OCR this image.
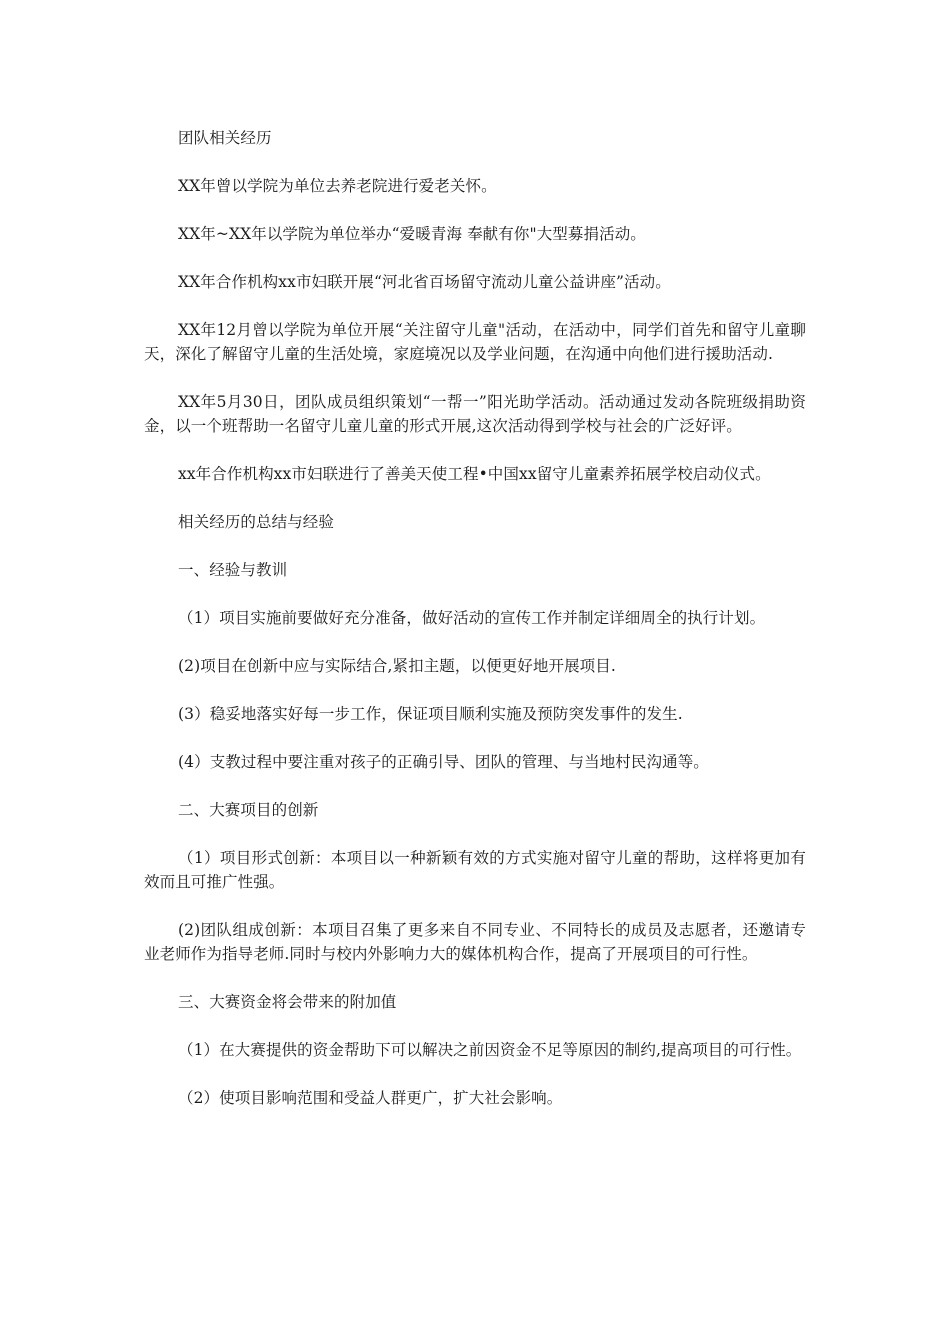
团队相关经历

XX年曾以学院为单位去养老院进行爱老关怀。

XX年~XX年以学院为单位举办“爱暖青海 奉献有你"大型募捐活动。

XX年合作机构xx市妇联开展“河北省百场留守流动儿童公益讲座”活动。

XX年12月曾以学院为单位开展“关注留守儿童"活动，在活动中，同学们首先和留守儿童聊天，深化了解留守儿童的生活处境，家庭境况以及学业问题，在沟通中向他们进行援助活动.

XX年5月30日，团队成员组织策划“一帮一”阳光助学活动。活动通过发动各院班级捐助资金，以一个班帮助一名留守儿童儿童的形式开展,这次活动得到学校与社会的广泛好评。

xx年合作机构xx市妇联进行了善美天使工程•中国xx留守儿童素养拓展学校启动仪式。

相关经历的总结与经验

一、经验与教训

（1）项目实施前要做好充分准备，做好活动的宣传工作并制定详细周全的执行计划。

(2)项目在创新中应与实际结合,紧扣主题，以便更好地开展项目.

(3）稳妥地落实好每一步工作，保证项目顺利实施及预防突发事件的发生.

(4）支教过程中要注重对孩子的正确引导、团队的管理、与当地村民沟通等。

二、大赛项目的创新

（1）项目形式创新：本项目以一种新颖有效的方式实施对留守儿童的帮助，这样将更加有效而且可推广性强。

(2)团队组成创新：本项目召集了更多来自不同专业、不同特长的成员及志愿者，还邀请专业老师作为指导老师.同时与校内外影响力大的媒体机构合作，提高了开展项目的可行性。

三、大赛资金将会带来的附加值

（1）在大赛提供的资金帮助下可以解决之前因资金不足等原因的制约,提高项目的可行性。

（2）使项目影响范围和受益人群更广，扩大社会影响。
